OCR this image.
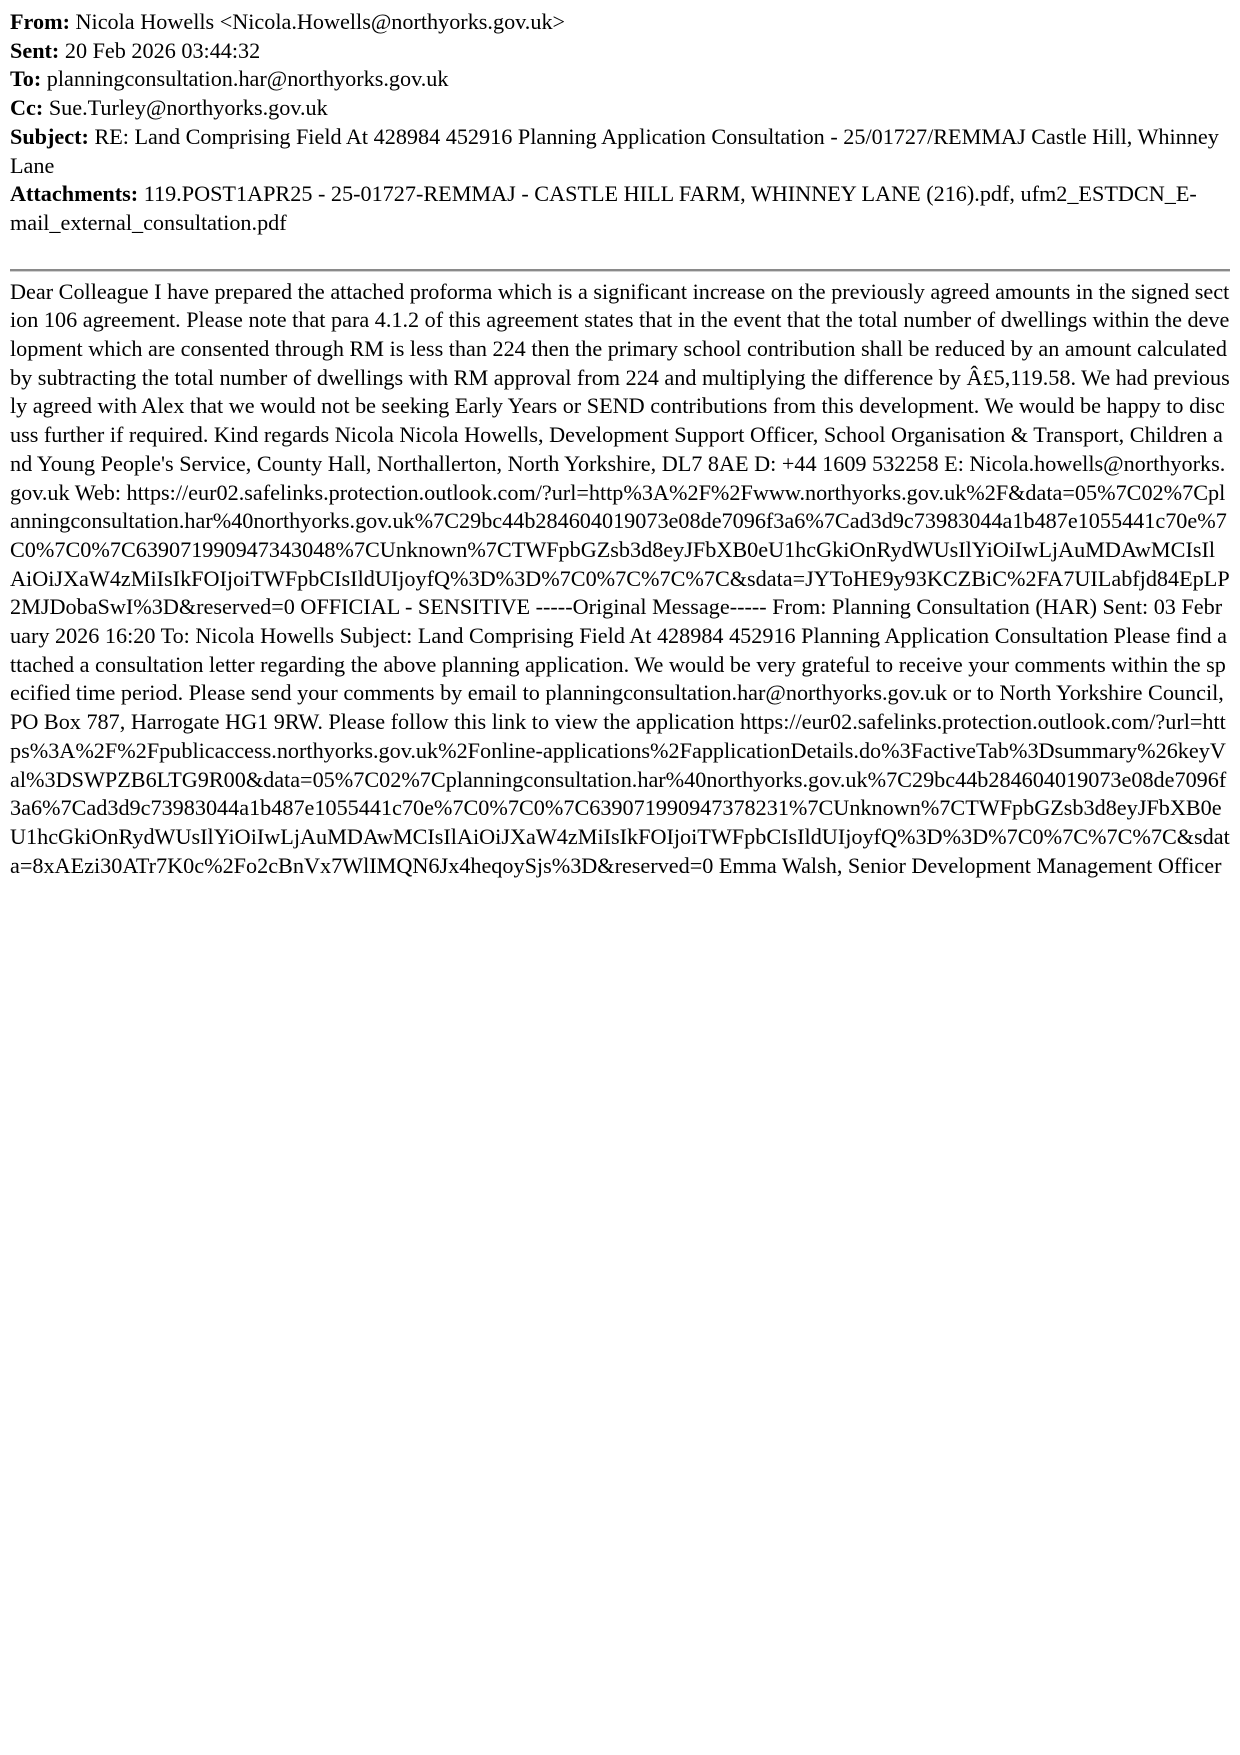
From: Nicola Howells <Nicola.Howells@northyorks.gov.uk>

Sent: 20 Feb 2026 03:44:32

To: planningconsultation.har@northyorks.gov.uk

Cc: Sue.Turley@northyorks.gov.uk

Subject: RE: Land Comprising Field At 428984 452916 Planning Application Consultation - 25/01727/REMMAJ Castle Hill, Whinney Lane

Attachments: 119.POST1APR25 - 25-01727-REMMAJ - CASTLE HILL FARM, WHINNEY LANE (216).pdf, ufm2_ESTDCN_E-mail_external_consultation.pdf

Dear Colleague I have prepared the attached proforma which is a significant increase on the previously agreed amounts in the signed section 106 agreement. Please note that para 4.1.2 of this agreement states that in the event that the total number of dwellings within the development which are consented through RM is less than 224 then the primary school contribution shall be reduced by an amount calculated by subtracting the total number of dwellings with RM approval from 224 and multiplying the difference by Â£5,119.58. We had previously agreed with Alex that we would not be seeking Early Years or SEND contributions from this development. We would be happy to discuss further if required. Kind regards Nicola Nicola Howells, Development Support Officer, School Organisation & Transport, Children and Young People's Service, County Hall, Northallerton, North Yorkshire, DL7 8AE D: +44 1609 532258 E: Nicola.howells@northyorks.gov.uk Web: https://eur02.safelinks.protection.outlook.com/?url=http%3A%2F%2Fwww.northyorks.gov.uk%2F&data=05%7C02%7Cplanningconsultation.har%40northyorks.gov.uk%7C29bc44b284604019073e08de7096f3a6%7Cad3d9c73983044a1b487e1055441c70e%7C0%7C0%7C639071990947343048%7CUnknown%7CTWFpbGZsb3d8eyJFbXB0eU1hcGkiOnRydWUsIlYiOiIwLjAuMDAwMCIsIlAiOiJXaW4zMiIsIkFOIjoiTWFpbCIsIldUIjoyfQ%3D%3D%7C0%7C%7C%7C&sdata=JYToHE9y93KCZBiC%2FA7UILabfjd84EpLP2MJDobaSwI%3D&reserved=0 OFFICIAL - SENSITIVE -----Original Message----- From: Planning Consultation (HAR) Sent: 03 February 2026 16:20 To: Nicola Howells Subject: Land Comprising Field At 428984 452916 Planning Application Consultation Please find attached a consultation letter regarding the above planning application. We would be very grateful to receive your comments within the specified time period. Please send your comments by email to planningconsultation.har@northyorks.gov.uk or to North Yorkshire Council, PO Box 787, Harrogate HG1 9RW. Please follow this link to view the application https://eur02.safelinks.protection.outlook.com/?url=https%3A%2F%2Fpublicaccess.northyorks.gov.uk%2Fonline-applications%2FapplicationDetails.do%3FactiveTab%3Dsummary%26keyVal%3DSWPZB6LTG9R00&data=05%7C02%7Cplanningconsultation.har%40northyorks.gov.uk%7C29bc44b284604019073e08de7096f3a6%7Cad3d9c73983044a1b487e1055441c70e%7C0%7C0%7C639071990947378231%7CUnknown%7CTWFpbGZsb3d8eyJFbXB0eU1hcGkiOnRydWUsIlYiOiIwLjAuMDAwMCIsIlAiOiJXaW4zMiIsIkFOIjoiTWFpbCIsIldUIjoyfQ%3D%3D%7C0%7C%7C%7C&sdata=8xAEzi30ATr7K0c%2Fo2cBnVx7WlIMQN6Jx4heqoySjs%3D&reserved=0 Emma Walsh, Senior Development Management Officer
